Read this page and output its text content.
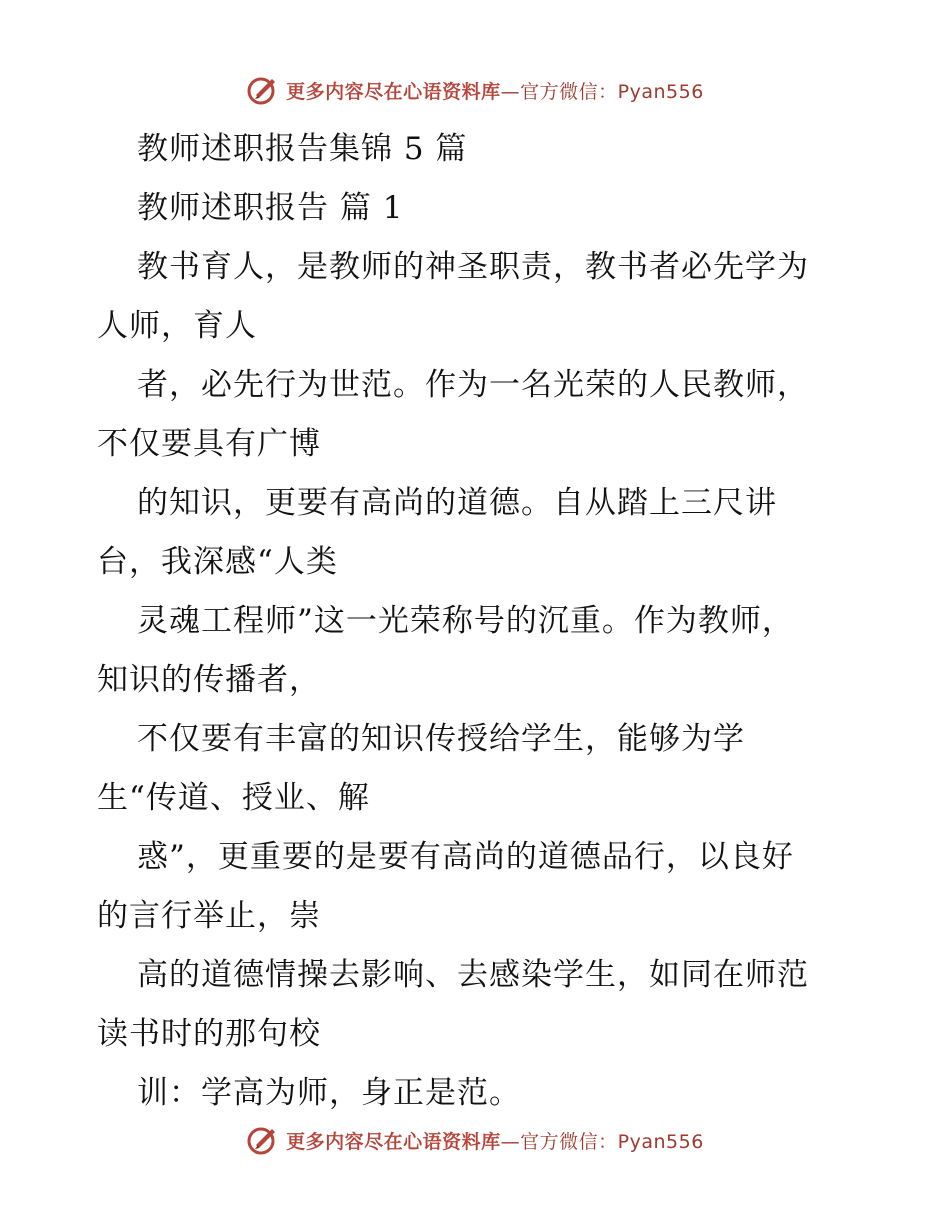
更多内容尽在心语资料库—官方微信：Pyan556
教师述职报告集锦 5 篇
教师述职报告 篇 1
教书育人，是教师的神圣职责，教书者必先学为
人师，育人
者，必先行为世范。作为一名光荣的人民教师，
不仅要具有广博
的知识，更要有高尚的道德。自从踏上三尺讲
台，我深感“人类
灵魂工程师”这一光荣称号的沉重。作为教师，
知识的传播者，
不仅要有丰富的知识传授给学生，能够为学
生“传道、授业、解
惑”，更重要的是要有高尚的道德品行，以良好
的言行举止，崇
高的道德情操去影响、去感染学生，如同在师范
读书时的那句校
训：学高为师，身正是范。
更多内容尽在心语资料库—官方微信：Pyan556
